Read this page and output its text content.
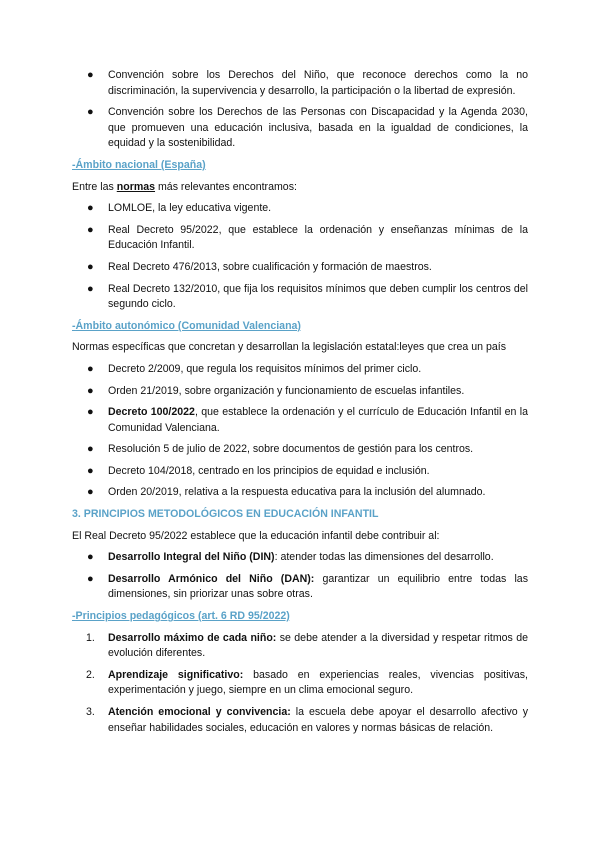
●	Convención sobre los Derechos del Niño, que reconoce derechos como la no discriminación, la supervivencia y desarrollo, la participación o la libertad de expresión.
●	Convención sobre los Derechos de las Personas con Discapacidad y la Agenda 2030, que promueven una educación inclusiva, basada en la igualdad de condiciones, la equidad y la sostenibilidad.
-Ámbito nacional (España)

Entre las normas más relevantes encontramos:

●	LOMLOE, la ley educativa vigente.
●	Real Decreto 95/2022, que establece la ordenación y enseñanzas mínimas de la Educación Infantil.
●	Real Decreto 476/2013, sobre cualificación y formación de maestros.
●	Real Decreto 132/2010, que fija los requisitos mínimos que deben cumplir los centros del segundo ciclo.
-Ámbito autonómico (Comunidad Valenciana)

Normas específicas que concretan y desarrollan la legislación estatal:leyes que crea un país

●	Decreto 2/2009, que regula los requisitos mínimos del primer ciclo.
●	Orden 21/2019, sobre organización y funcionamiento de escuelas infantiles.
●	Decreto 100/2022, que establece la ordenación y el currículo de Educación Infantil en la Comunidad Valenciana.
●	Resolución 5 de julio de 2022, sobre documentos de gestión para los centros.
●	Decreto 104/2018, centrado en los principios de equidad e inclusión.
●	Orden 20/2019, relativa a la respuesta educativa para la inclusión del alumnado.
3. PRINCIPIOS METODOLÓGICOS EN EDUCACIÓN INFANTIL

El Real Decreto 95/2022 establece que la educación infantil debe contribuir al:

●	Desarrollo Integral del Niño (DIN): atender todas las dimensiones del desarrollo.
●	Desarrollo Armónico del Niño (DAN): garantizar un equilibrio entre todas las dimensiones, sin priorizar unas sobre otras.
-Principios pedagógicos (art. 6 RD 95/2022)
1. Desarrollo máximo de cada niño: se debe atender a la diversidad y respetar ritmos de evolución diferentes.
2. Aprendizaje significativo: basado en experiencias reales, vivencias positivas, experimentación y juego, siempre en un clima emocional seguro.
3. Atención emocional y convivencia: la escuela debe apoyar el desarrollo afectivo y enseñar habilidades sociales, educación en valores y normas básicas de relación.
